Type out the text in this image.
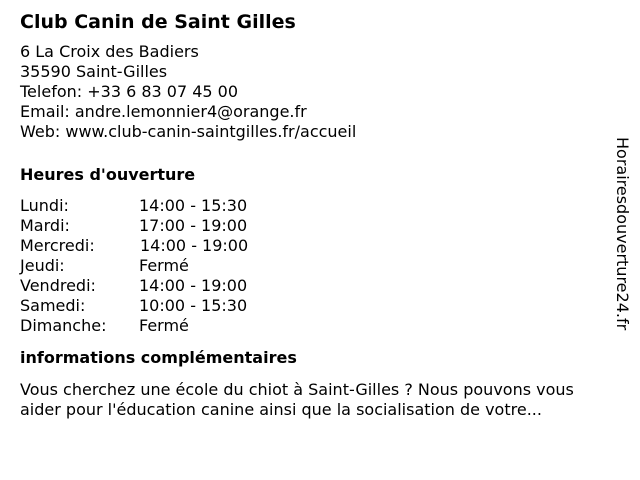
Club Canin de Saint Gilles
6 La Croix des Badiers
35590 Saint-Gilles
Telefon: +33 6 83 07 45 00
Email: andre.lemonnier4@orange.fr
Web: www.club-canin-saintgilles.fr/accueil
Heures d'ouverture
Lundi:	14:00 - 15:30
Mardi:	17:00 - 19:00
Mercredi:	14:00 - 19:00
Jeudi:	Fermé
Vendredi:	14:00 - 19:00
Samedi:	10:00 - 15:30
Dimanche: Fermé
informations complémentaires
Vous cherchez une école du chiot à Saint-Gilles ? Nous pouvons vous aider pour l'éducation canine ainsi que la socialisation de votre...
Horairesdouverture24.fr
